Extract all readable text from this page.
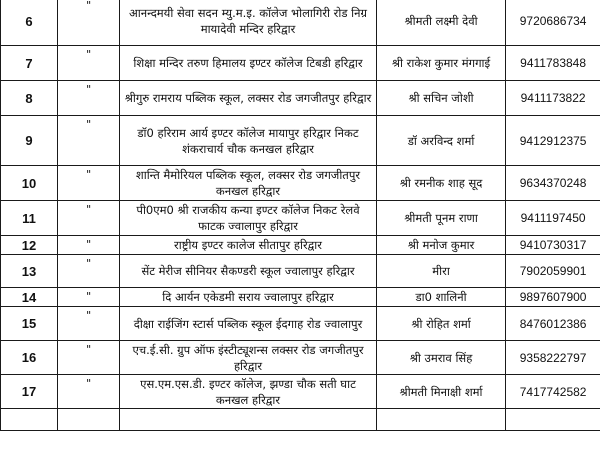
6	"	आनन्दमयी सेवा सदन म्यु.म.इ. कॉलेज भोलागिरी रोड निग्र मायादेवी मन्दिर हरिद्वार	श्रीमती लक्ष्मी देवी	9720686734
7	"	शिक्षा मन्दिर तरुण हिमालय इण्टर कॉलेज टिबडी हरिद्वार	श्री राकेश कुमार मंगगाई	9411783848
8	"	श्रीगुरु रामराय पब्लिक स्कूल, लक्सर रोड जगजीतपुर हरिद्वार	श्री सचिन जोशी	9411173822
9	"	डॉ0 हरिराम आर्य इण्टर कॉलेज मायापुर हरिद्वार निकट शंकराचार्य चौक कनखल हरिद्वार	डॉ अरविन्द शर्मा	9412912375
10	"	शान्ति मैमोरियल पब्लिक स्कूल, लक्सर रोड जगजीतपुर कनखल हरिद्वार	श्री रमनीक शाह सूद	9634370248
11	"	पी0एम0 श्री राजकीय कन्या इण्टर कॉलेज निकट रेलवे फाटक ज्वालापुर हरिद्वार	श्रीमती पूनम राणा	9411197450
12	"	राष्ट्रीय इण्टर कालेज सीतापुर हरिद्वार	श्री मनोज कुमार	9410730317
13	"	सेंट मेरीज सीनियर सैकण्डरी स्कूल ज्वालापुर हरिद्वार	मीरा	7902059901
14	"	दि आर्यन एकेडमी सराय ज्वालापुर हरिद्वार	डा0 शालिनी	9897607900
15	"	दीक्षा राईजिंग स्टार्स पब्लिक स्कूल ईदगाह रोड ज्वालापुर	श्री रोहित शर्मा	8476012386
16	"	एच.ई.सी. ग्रुप ऑफ इंस्टीट्यूशन्स लक्सर रोड जगजीतपुर हरिद्वार	श्री उमराव सिंह	9358222797
17	"	एस.एम.एस.डी. इण्टर कॉलेज, झण्डा चौक सती घाट कनखल हरिद्वार	श्रीमती मिनाक्षी शर्मा	7417742582
